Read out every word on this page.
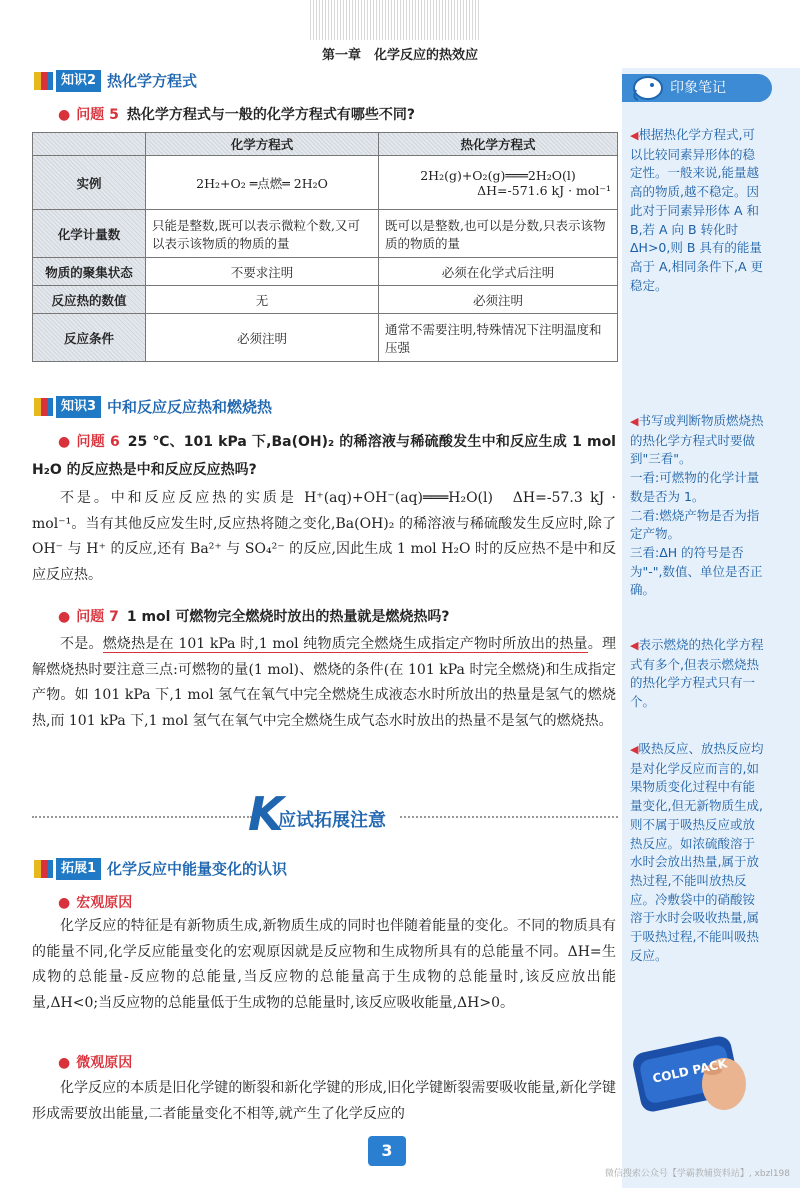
第一章　化学反应的热效应
印象笔记
◀根据热化学方程式,可以比较同素异形体的稳定性。一般来说,能量越高的物质,越不稳定。因此对于同素异形体 A 和 B,若 A 向 B 转化时 ΔH>0,则 B 具有的能量高于 A,相同条件下,A 更稳定。
◀书写或判断物质燃烧热的热化学方程式时要做到"三看"。
一看:可燃物的化学计量数是否为 1。
二看:燃烧产物是否为指定产物。
三看:ΔH 的符号是否为"-",数值、单位是否正确。
◀表示燃烧的热化学方程式有多个,但表示燃烧热的热化学方程式只有一个。
◀吸热反应、放热反应均是对化学反应而言的,如果物质变化过程中有能量变化,但无新物质生成,则不属于吸热反应或放热反应。如浓硫酸溶于水时会放出热量,属于放热过程,不能叫放热反应。冷敷袋中的硝酸铵溶于水时会吸收热量,属于吸热过程,不能叫吸热反应。
COLD PACK
知识2 热化学方程式
● 问题 5 热化学方程式与一般的化学方程式有哪些不同?
	化学方程式	热化学方程式
实例	2H₂+O₂ ═点燃═ 2H₂O	2H₂(g)+O₂(g)═══2H₂O(l)
ΔH=-571.6 kJ · mol⁻¹

化学计量数	只能是整数,既可以表示微粒个数,又可以表示该物质的物质的量	既可以是整数,也可以是分数,只表示该物质的物质的量
物质的聚集状态	不要求注明	必须在化学式后注明
反应热的数值	无	必须注明
反应条件	必须注明	通常不需要注明,特殊情况下注明温度和压强
知识3 中和反应反应热和燃烧热
● 问题 6 25 ℃、101 kPa 下,Ba(OH)₂ 的稀溶液与稀硫酸发生中和反应生成 1 mol H₂O 的反应热是中和反应反应热吗?
不是。中和反应反应热的实质是 H⁺(aq)+OH⁻(aq)═══H₂O(l)　ΔH=-57.3 kJ · mol⁻¹。当有其他反应发生时,反应热将随之变化,Ba(OH)₂ 的稀溶液与稀硫酸发生反应时,除了 OH⁻ 与 H⁺ 的反应,还有 Ba²⁺ 与 SO₄²⁻ 的反应,因此生成 1 mol H₂O 时的反应热不是中和反应反应热。
● 问题 7 1 mol 可燃物完全燃烧时放出的热量就是燃烧热吗?
不是。燃烧热是在 101 kPa 时,1 mol 纯物质完全燃烧生成指定产物时所放出的热量。理解燃烧热时要注意三点:可燃物的量(1 mol)、燃烧的条件(在 101 kPa 时完全燃烧)和生成指定产物。如 101 kPa 下,1 mol 氢气在氧气中完全燃烧生成液态水时所放出的热量是氢气的燃烧热,而 101 kPa 下,1 mol 氢气在氧气中完全燃烧生成气态水时放出的热量不是氢气的燃烧热。
K
应试拓展注意
拓展1 化学反应中能量变化的认识
● 宏观原因
化学反应的特征是有新物质生成,新物质生成的同时也伴随着能量的变化。不同的物质具有的能量不同,化学反应能量变化的宏观原因就是反应物和生成物所具有的总能量不同。ΔH=生成物的总能量-反应物的总能量,当反应物的总能量高于生成物的总能量时,该反应放出能量,ΔH<0;当反应物的总能量低于生成物的总能量时,该反应吸收能量,ΔH>0。
● 微观原因
化学反应的本质是旧化学键的断裂和新化学键的形成,旧化学键断裂需要吸收能量,新化学键形成需要放出能量,二者能量变化不相等,就产生了化学反应的
3
微信搜索公众号【学霸教辅资料站】, xbzl198
